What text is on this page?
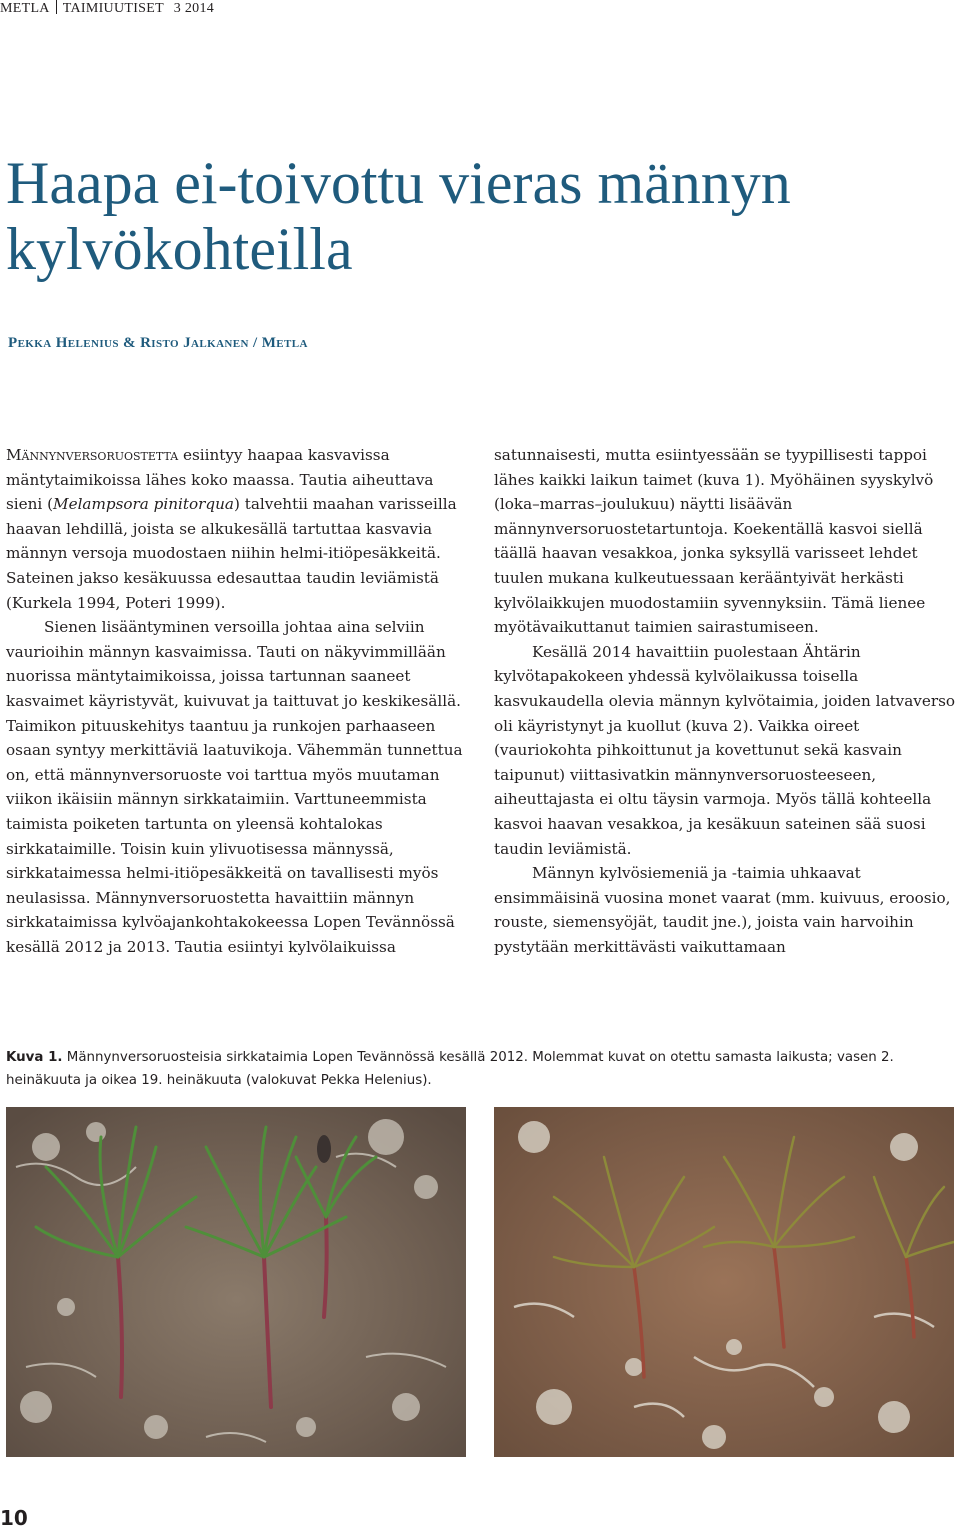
METLA TAIMIUUTISET 3 2014
Haapa ei-toivottu vieras männyn kylvökohteilla
Pekka Helenius & Risto Jalkanen / Metla

Männynversoruostetta esiintyy haapaa kasvavissa mäntytaimikoissa lähes koko maassa. Tautia aiheuttava sieni (Melampsora pinitorqua) talvehtii maahan varisseilla haavan lehdillä, joista se alkukesällä tartuttaa kasvavia männyn versoja muodostaen niihin helmi-itiöpesäkkeitä. Sateinen jakso kesäkuussa edesauttaa taudin leviämistä (Kurkela 1994, Poteri 1999).

Sienen lisääntyminen versoilla johtaa aina selviin vaurioihin männyn kasvaimissa. Tauti on näkyvimmillään nuorissa mäntytaimikoissa, joissa tartunnan saaneet kasvaimet käyristyvät, kuivuvat ja taittuvat jo keskikesällä. Taimikon pituuskehitys taantuu ja runkojen parhaaseen osaan syntyy merkittäviä laatuvikoja. Vähemmän tunnettua on, että männynversoruoste voi tarttua myös muutaman viikon ikäisiin männyn sirkkataimiin. Varttuneemmista taimista poiketen tartunta on yleensä kohtalokas sirkkataimille. Toisin kuin ylivuotisessa männyssä, sirkkataimessa helmi-itiöpesäkkeitä on tavallisesti myös neulasissa. Männynversoruostetta havaittiin männyn sirkkataimissa kylvöajankohtakokeessa Lopen Tevännössä kesällä 2012 ja 2013. Tautia esiintyi kylvölaikuissa

satunnaisesti, mutta esiintyessään se tyypillisesti tappoi lähes kaikki laikun taimet (kuva 1). Myöhäinen syyskylvö (loka–marras–joulukuu) näytti lisäävän männynversoruostetartuntoja. Koekentällä kasvoi siellä täällä haavan vesakkoa, jonka syksyllä varisseet lehdet tuulen mukana kulkeutuessaan kerääntyivät herkästi kylvölaikkujen muodostamiin syvennyksiin. Tämä lienee myötävaikuttanut taimien sairastumiseen.

Kesällä 2014 havaittiin puolestaan Ähtärin kylvötapakokeen yhdessä kylvölaikussa toisella kasvukaudella olevia männyn kylvötaimia, joiden latvaverso oli käyristynyt ja kuollut (kuva 2). Vaikka oireet (vauriokohta pihkoittunut ja kovettunut sekä kasvain taipunut) viittasivatkin männynversoruosteeseen, aiheuttajasta ei oltu täysin varmoja. Myös tällä kohteella kasvoi haavan vesakkoa, ja kesäkuun sateinen sää suosi taudin leviämistä.

Männyn kylvösiemeniä ja -taimia uhkaavat ensimmäisinä vuosina monet vaarat (mm. kuivuus, eroosio, rouste, siemensyöjät, taudit jne.), joista vain harvoihin pystytään merkittävästi vaikuttamaan

Kuva 1. Männynversoruosteisia sirkkataimia Lopen Tevännössä kesällä 2012. Molemmat kuvat on otettu samasta laikusta; vasen 2. heinäkuuta ja oikea 19. heinäkuuta (valokuvat Pekka Helenius).
10
